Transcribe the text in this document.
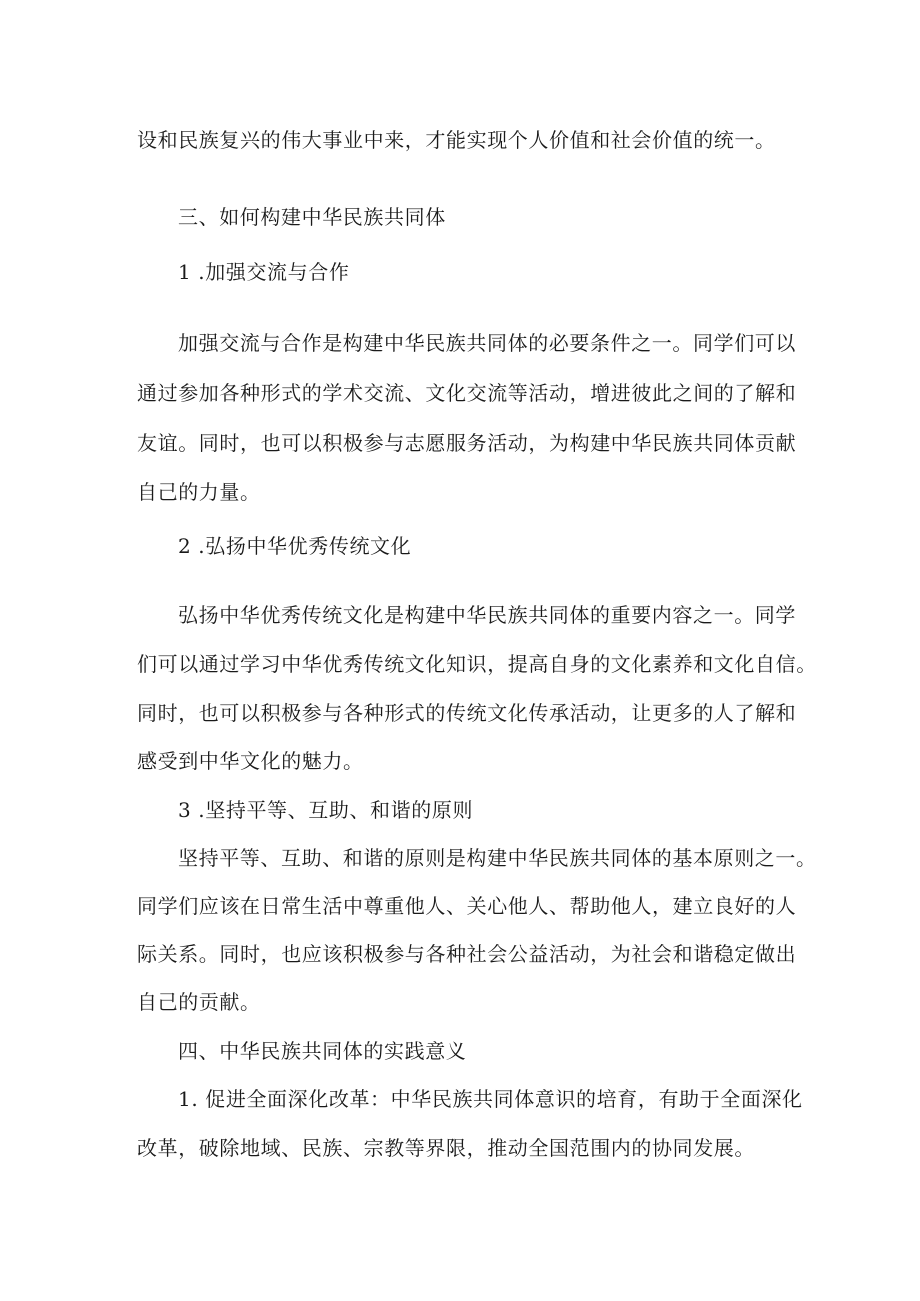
设和民族复兴的伟大事业中来，才能实现个人价值和社会价值的统一。
三、如何构建中华民族共同体
1 .加强交流与合作
加强交流与合作是构建中华民族共同体的必要条件之一。同学们可以
通过参加各种形式的学术交流、文化交流等活动，增进彼此之间的了解和
友谊。同时，也可以积极参与志愿服务活动，为构建中华民族共同体贡献
自己的力量。
2 .弘扬中华优秀传统文化
弘扬中华优秀传统文化是构建中华民族共同体的重要内容之一。同学
们可以通过学习中华优秀传统文化知识，提高自身的文化素养和文化自信。
同时，也可以积极参与各种形式的传统文化传承活动，让更多的人了解和
感受到中华文化的魅力。
3 .坚持平等、互助、和谐的原则
坚持平等、互助、和谐的原则是构建中华民族共同体的基本原则之一。
同学们应该在日常生活中尊重他人、关心他人、帮助他人，建立良好的人
际关系。同时，也应该积极参与各种社会公益活动，为社会和谐稳定做出
自己的贡献。
四、中华民族共同体的实践意义
1. 促进全面深化改革：中华民族共同体意识的培育，有助于全面深化
改革，破除地域、民族、宗教等界限，推动全国范围内的协同发展。
